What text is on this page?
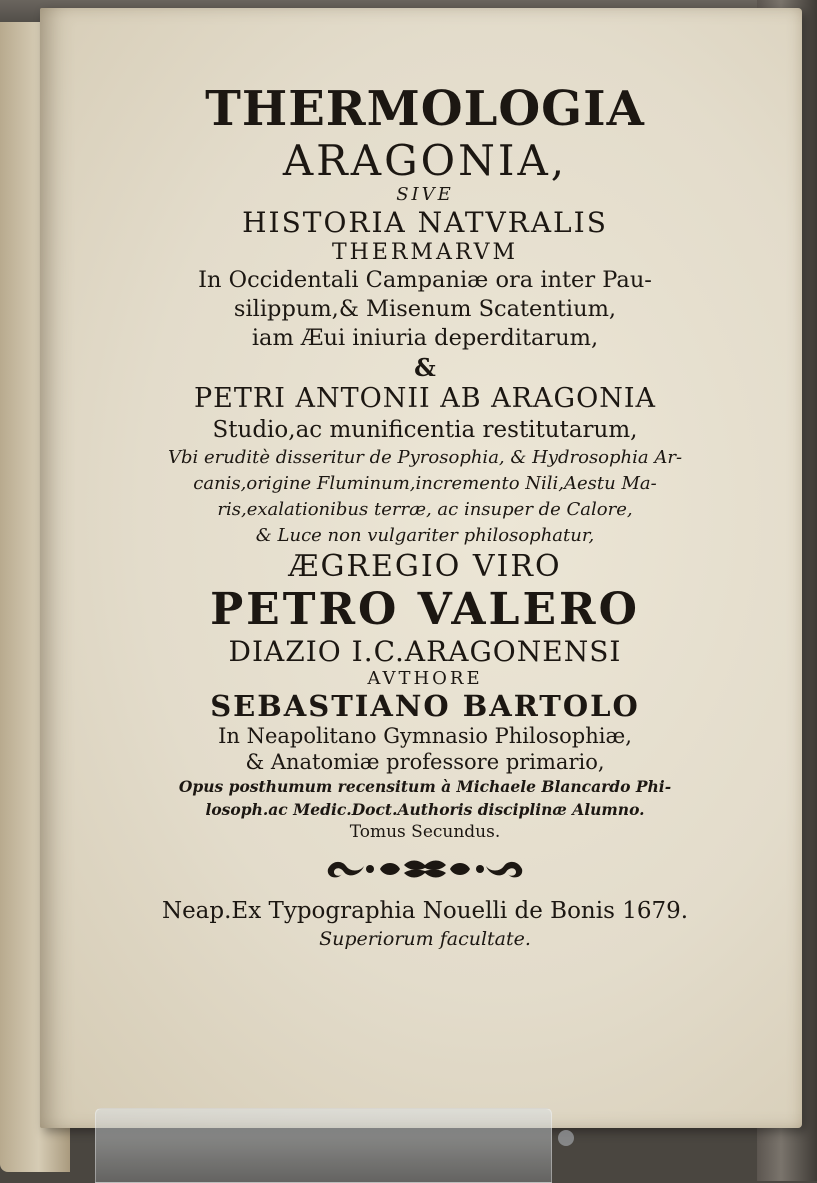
THERMOLOGIA
ARAGONIA,
SIVE
HISTORIA NATVRALIS
THERMARVM
In Occidentali Campaniæ ora inter Pau-
silippum,& Misenum Scatentium,
iam Æui iniuria deperditarum,
&
PETRI ANTONII AB ARAGONIA
Studio,ac munificentia restitutarum,
Vbi eruditè disseritur de Pyrosophia, & Hydrosophia Ar-
canis,origine Fluminum,incremento Nili,Aestu Ma-
ris,exalationibus terræ, ac insuper de Calore,
& Luce non vulgariter philosophatur,
ÆGREGIO VIRO
PETRO VALERO
DIAZIO I.C.ARAGONENSI
AVTHORE
SEBASTIANO BARTOLO
In Neapolitano Gymnasio Philosophiæ,
& Anatomiæ professore primario,
Opus posthumum recensitum à Michaele Blancardo Phi-
losoph.ac Medic.Doct.Authoris disciplinæ Alumno.
Tomus Secundus.
Neap.Ex Typographia Nouelli de Bonis 1679.
Superiorum facultate.
